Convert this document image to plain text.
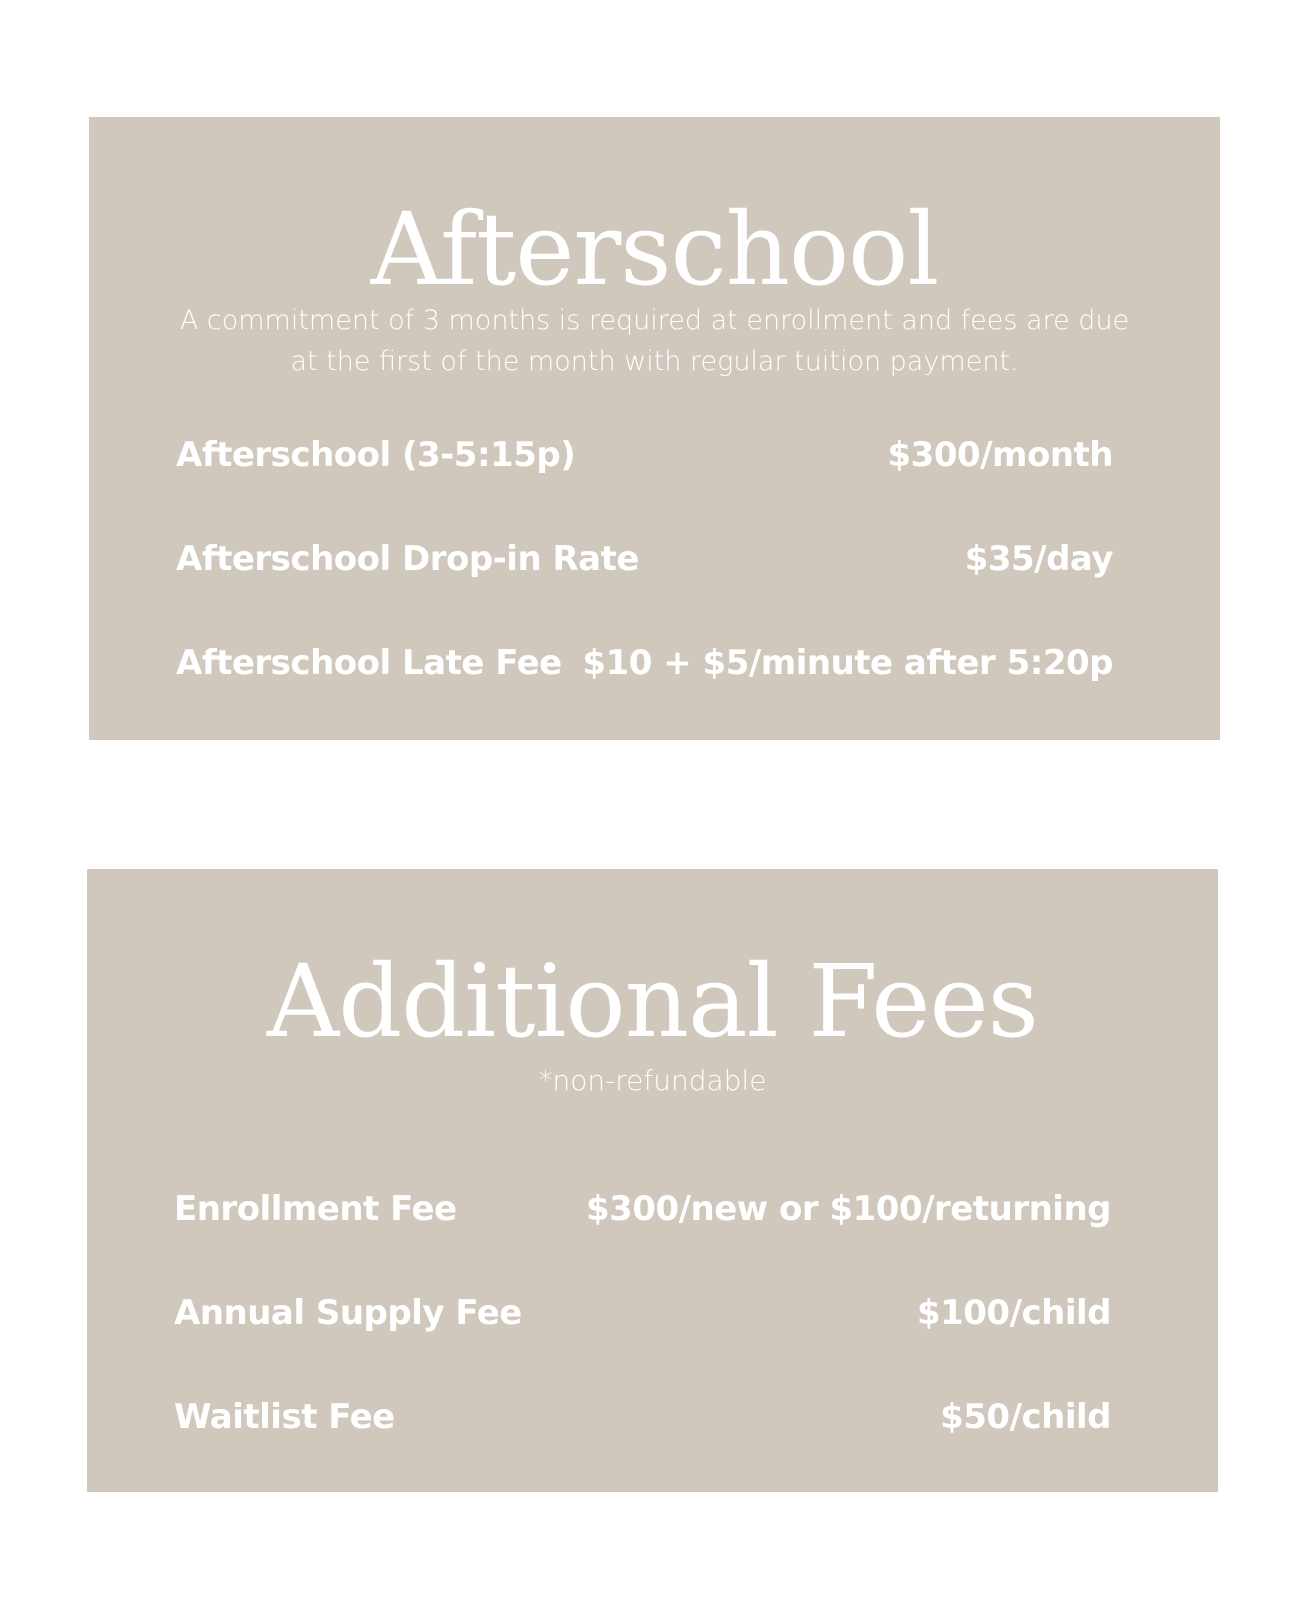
Afterschool

A commitment of 3 months is required at enrollment and fees are due at the first of the month with regular tuition payment.

Afterschool (3-5:15p)	$300/month
Afterschool Drop-in Rate	$35/day
Afterschool Late Fee $10 + $5/minute after 5:20p
Additional Fees

*non-refundable

Enrollment Fee	$300/new or $100/returning
Annual Supply Fee	$100/child
Waitlist Fee	$50/child
